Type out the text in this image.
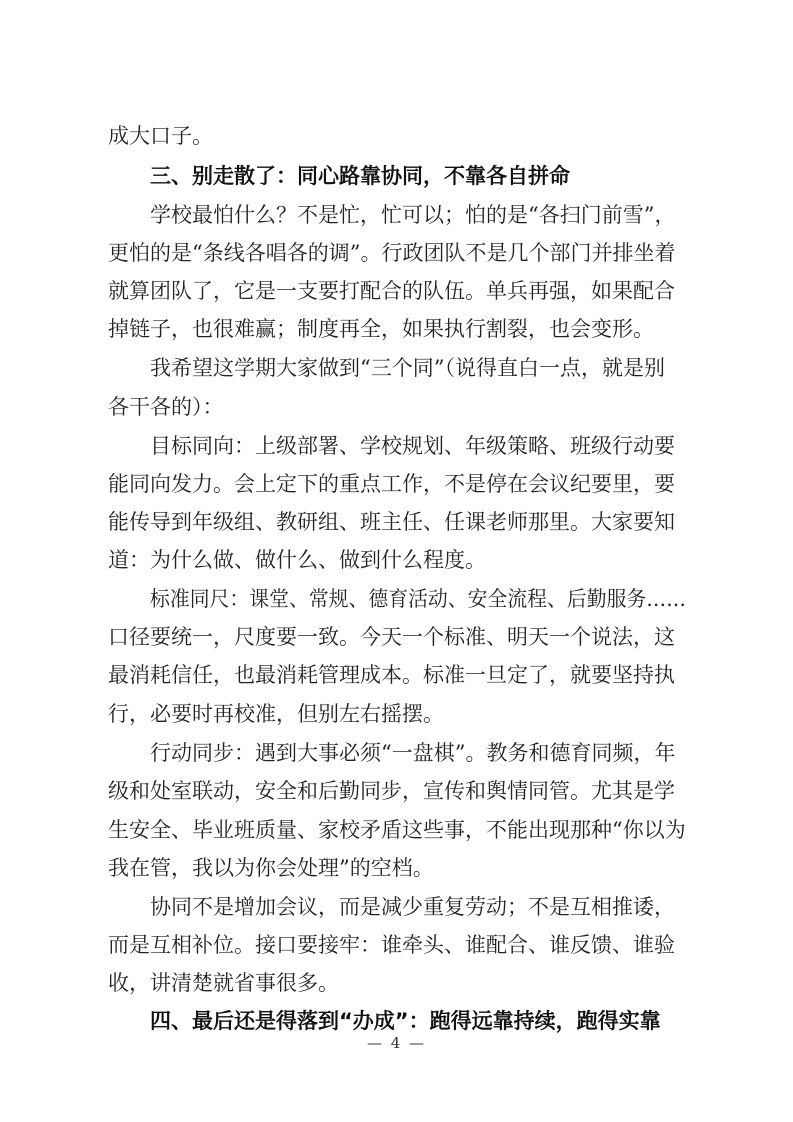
成大口子。
三、别走散了：同心路靠协同，不靠各自拼命
学校最怕什么？不是忙，忙可以；怕的是“各扫门前雪”，
更怕的是“条线各唱各的调”。行政团队不是几个部门并排坐着
就算团队了，它是一支要打配合的队伍。单兵再强，如果配合
掉链子，也很难赢；制度再全，如果执行割裂，也会变形。
我希望这学期大家做到“三个同”（说得直白一点，就是别
各干各的）：
目标同向：上级部署、学校规划、年级策略、班级行动要
能同向发力。会上定下的重点工作，不是停在会议纪要里，要
能传导到年级组、教研组、班主任、任课老师那里。大家要知
道：为什么做、做什么、做到什么程度。
标准同尺：课堂、常规、德育活动、安全流程、后勤服务……
口径要统一，尺度要一致。今天一个标准、明天一个说法，这
最消耗信任，也最消耗管理成本。标准一旦定了，就要坚持执
行，必要时再校准，但别左右摇摆。
行动同步：遇到大事必须“一盘棋”。教务和德育同频，年
级和处室联动，安全和后勤同步，宣传和舆情同管。尤其是学
生安全、毕业班质量、家校矛盾这些事，不能出现那种“你以为
我在管，我以为你会处理”的空档。
协同不是增加会议，而是减少重复劳动；不是互相推诿，
而是互相补位。接口要接牢：谁牵头、谁配合、谁反馈、谁验
收，讲清楚就省事很多。
四、最后还是得落到“办成”：跑得远靠持续，跑得实靠
— 4 —
